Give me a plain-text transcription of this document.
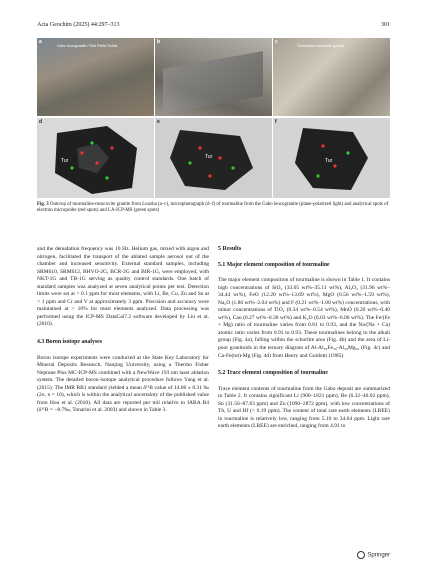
Acta Geochim (2025) 44:297–313	301
a
Gabo leucogranite / Red Pelitic Schist
b	c
Tourmaline-muscovite granite
d
Tur
e
Tur
f
Tur
Fig. 3 Outcrop of tourmaline-muscovite granite from Luozha (a–c), microphotograph (d–f) of tourmaline from the Gabo leucogranite (plane-polarized light) and analytical spots of electron microprobe (red spots) and LA-ICP-MS (green spots)

and the denudation frequency was 10 Hz. Helium gas, mixed with argon and nitrogen, facilitated the transport of the ablated sample aerosol out of the chamber and increased sensitivity. External standard samples, including SRM610, SRM612, BHVO-2G, BCR-2G and BIR-1G, were employed, with NKT-1G and TB-1G serving as quality control standards. One batch of standard samples was analyzed at seven analytical points per test. Detection limits were set at < 0.1 ppm for most elements, with Li, Be, Cu, Zn and Sn at < 1 ppm and Cr and V at approximately 3 ppm. Precision and accuracy were maintained at > 10% for most elements analyzed. Data processing was performed using the ICP-MS DataCal7.2 software developed by Liu et al. (2010).

4.3 Boron isotope analyses

Boron isotope experiments were conducted at the State Key Laboratory for Mineral Deposits Research, Nanjing University, using a Thermo Fisher Neptune Plus MC-ICP-MS combined with a NewWave 193 nm laser ablation system. The detailed boron-isotope analytical procedure follows Yang et al. (2015). The IMR RB1 standard yielded a mean δ¹¹B value of 14.06 ± 0.31 ‰ (2σ, n = 10), which is within the analytical uncertainty of the published value from Hou et al. (2010). All data are reported per mil relative to IABA B4 (δ¹¹B = −8.7‰, Tonarini et al. 2003) and shown in Table 3.

5 Results
5.1 Major element composition of tourmaline

The major element composition of tourmaline is shown in Table 1. It contains high concentrations of SiO₂ (33.05 wt%–35.11 wt%), Al₂O₃ (31.96 wt%–34.44 wt%), FeO (12.20 wt%–13.69 wt%), MgO (0.56 wt%–1.59 wt%), Na₂O (1.86 wt%–2.04 wt%) and F (0.21 wt%–1.00 wt%) concentrations, with minor concentrations of TiO₂ (0.34 wt%–0.54 wt%), MnO (0.20 wt%–0.40 wt%), Cao (0.27 wt%–0.38 wt%) and K₂O (0.03 wt%–0.06 wt%). The Fe/(Fe + Mg) ratio of tourmaline varies from 0.81 to 0.93, and the Na/(Na + Ca) atomic ratio varies from 0.91 to 0.93. These tourmalines belong to the alkali group (Fig. 4a), falling within the schorlite area (Fig. 4b) and the area of Li-poor granitoids in the ternary diagram of Al-Al₅₀Fe₅₀-Al₅₀Mg₅₀ (Fig. 4c) and Ca-Fe(tot)-Mg (Fig. 4d) from Henry and Guidotti (1985).

5.2 Trace element composition of tourmaline

Trace element contents of tourmaline from the Gabo deposit are summarized in Table 2. It contains significant Li (900–1821 ppm), Be (6.32–40.02 ppm), Sn (31.56–87.83 ppm) and Zn (1090–2872 ppm), with low concentrations of Th, U and Hf (< 0.19 ppm). The content of total rare earth elements (LREE) in tourmaline is relatively low, ranging from 5.10 to 34.64 ppm. Light rare earth elements (LREE) are enriched, ranging from 4.91 to

Springer
